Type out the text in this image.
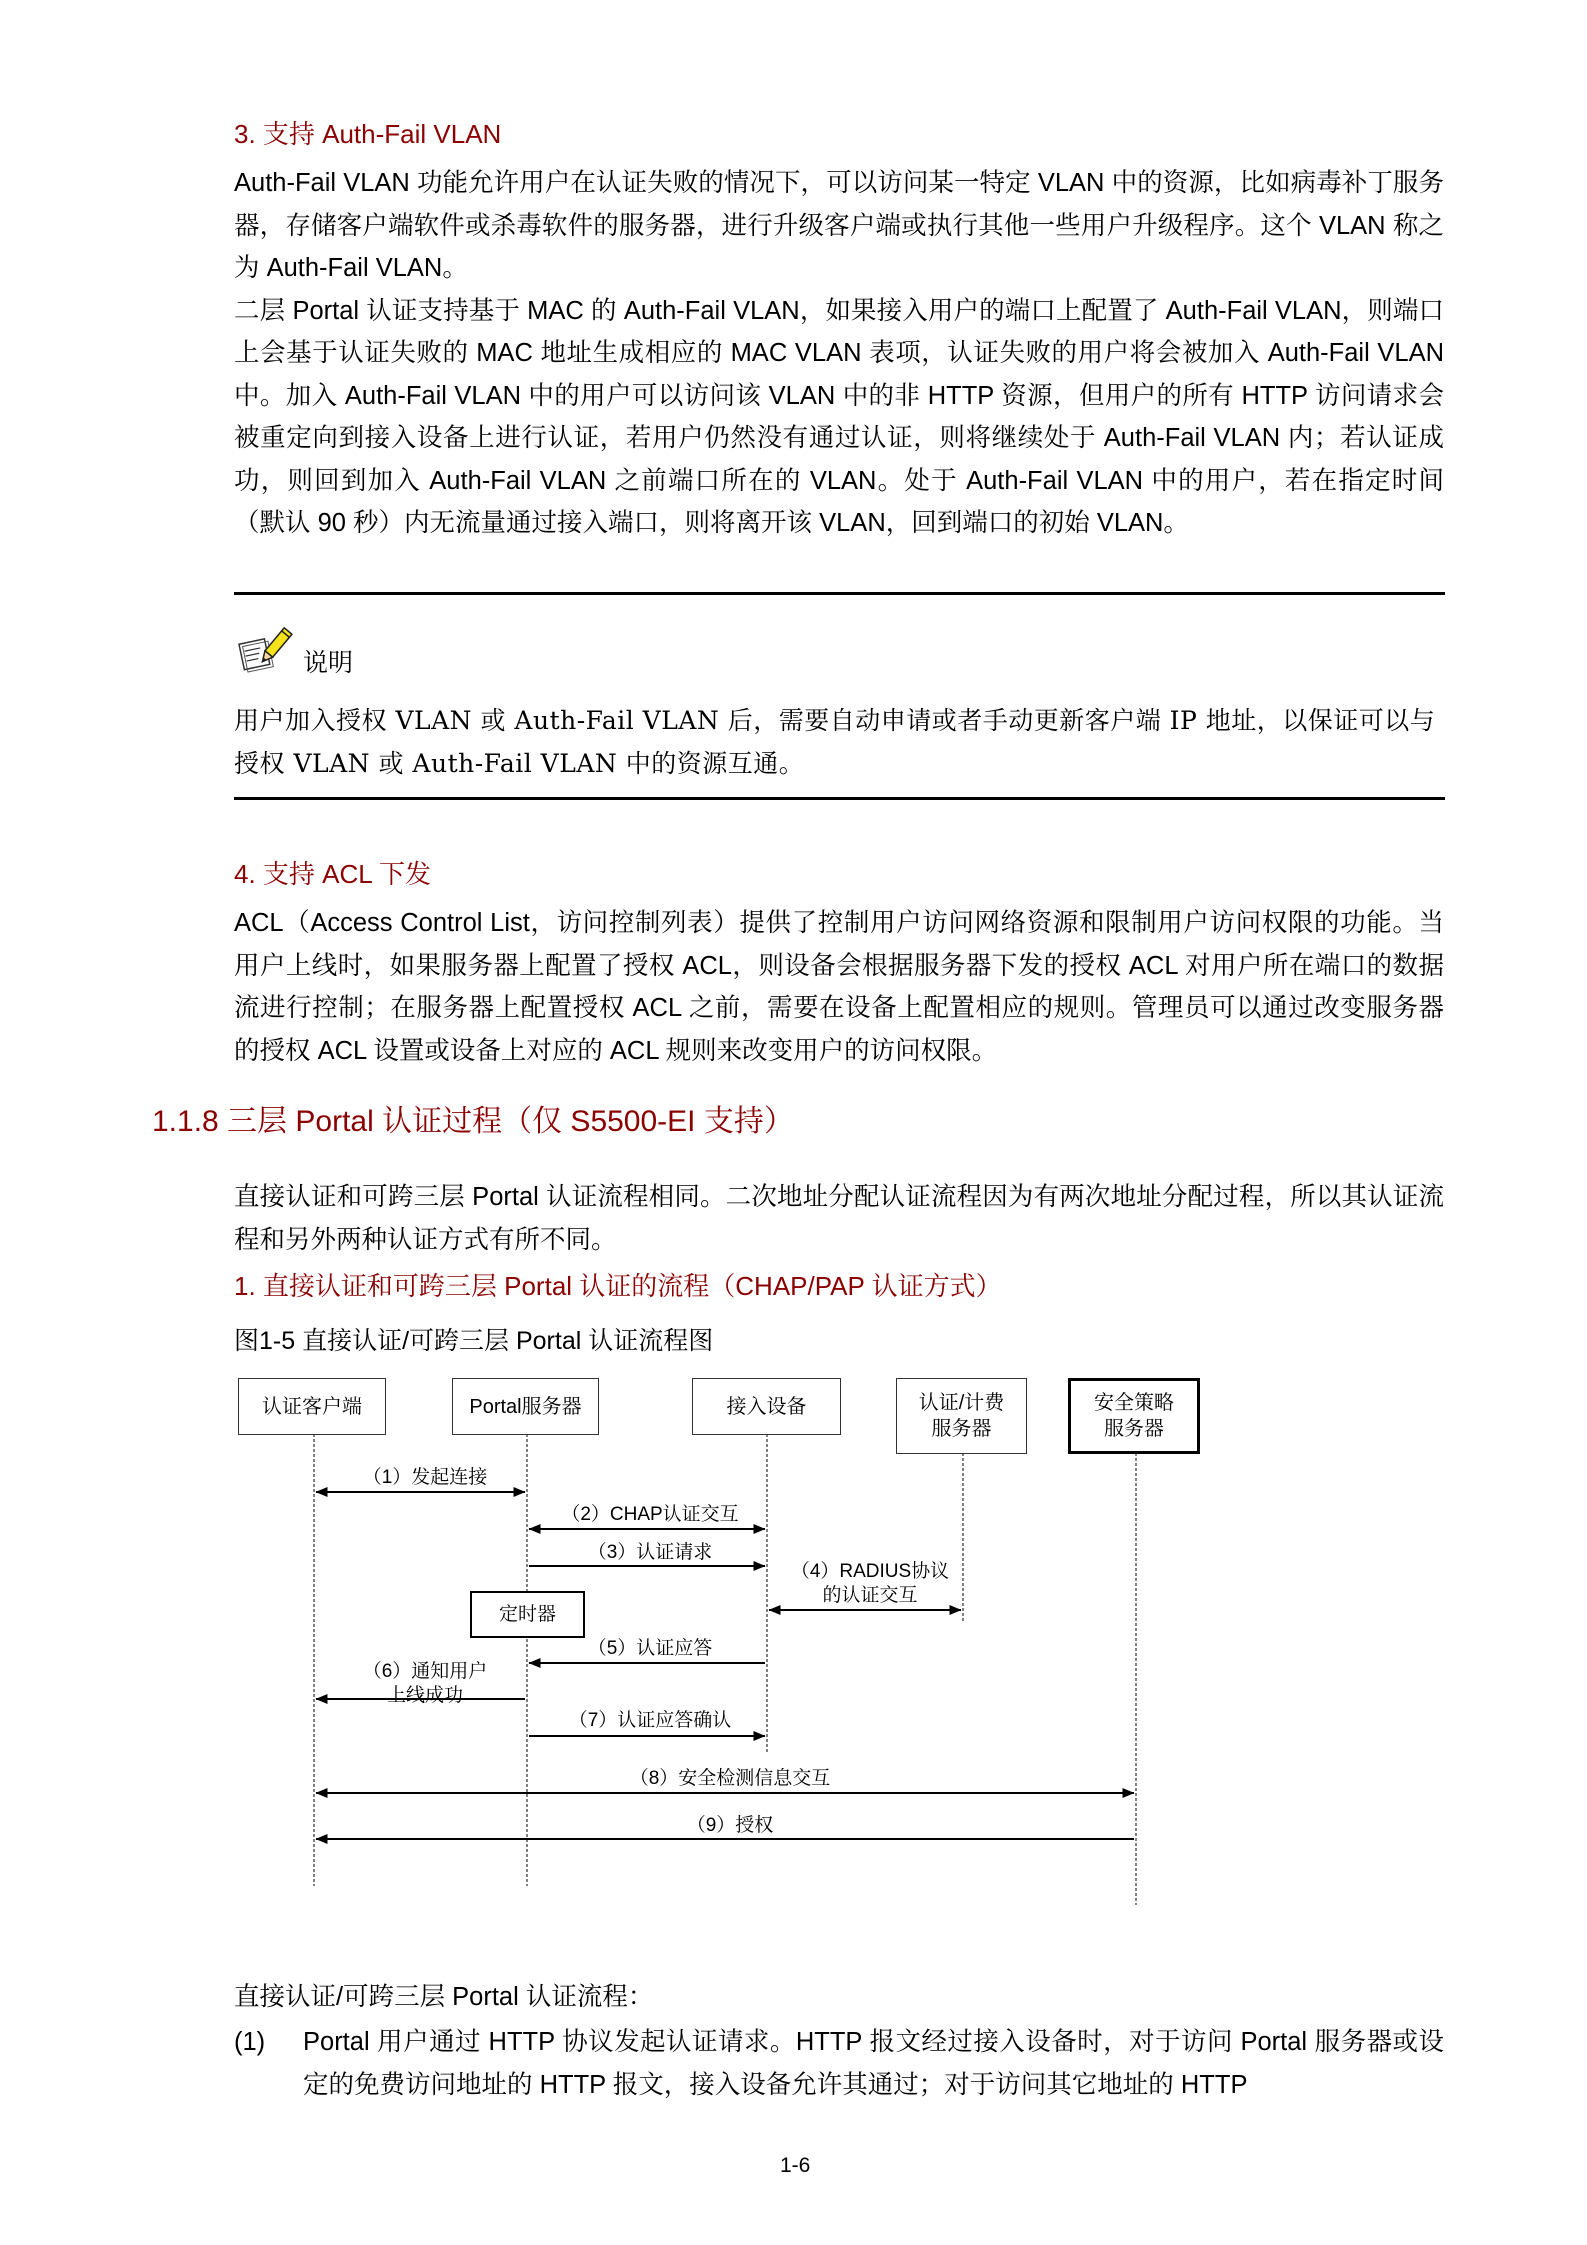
3. 支持 Auth-Fail VLAN

Auth-Fail VLAN 功能允许用户在认证失败的情况下，可以访问某一特定 VLAN 中的资源，比如病毒补丁服务器，存储客户端软件或杀毒软件的服务器，进行升级客户端或执行其他一些用户升级程序。这个 VLAN 称之为 Auth-Fail VLAN。

二层 Portal 认证支持基于 MAC 的 Auth-Fail VLAN，如果接入用户的端口上配置了 Auth-Fail VLAN，则端口上会基于认证失败的 MAC 地址生成相应的 MAC VLAN 表项，认证失败的用户将会被加入 Auth-Fail VLAN 中。加入 Auth-Fail VLAN 中的用户可以访问该 VLAN 中的非 HTTP 资源，但用户的所有 HTTP 访问请求会被重定向到接入设备上进行认证，若用户仍然没有通过认证，则将继续处于 Auth-Fail VLAN 内；若认证成功，则回到加入 Auth-Fail VLAN 之前端口所在的 VLAN。处于 Auth-Fail VLAN 中的用户，若在指定时间（默认 90 秒）内无流量通过接入端口，则将离开该 VLAN，回到端口的初始 VLAN。

说明
用户加入授权 VLAN 或 Auth-Fail VLAN 后，需要自动申请或者手动更新客户端 IP 地址，以保证可以与授权 VLAN 或 Auth-Fail VLAN 中的资源互通。
4. 支持 ACL 下发

ACL（Access Control List，访问控制列表）提供了控制用户访问网络资源和限制用户访问权限的功能。当用户上线时，如果服务器上配置了授权 ACL，则设备会根据服务器下发的授权 ACL 对用户所在端口的数据流进行控制；在服务器上配置授权 ACL 之前，需要在设备上配置相应的规则。管理员可以通过改变服务器的授权 ACL 设置或设备上对应的 ACL 规则来改变用户的访问权限。

1.1.8 三层 Portal 认证过程（仅 S5500-EI 支持）
直接认证和可跨三层 Portal 认证流程相同。二次地址分配认证流程因为有两次地址分配过程，所以其认证流程和另外两种认证方式有所不同。
1. 直接认证和可跨三层 Portal 认证的流程（CHAP/PAP 认证方式）
图1-5 直接认证/可跨三层 Portal 认证流程图
认证客户端	Portal服务器	接入设备	认证/计费
服务器
安全策略
服务器
定时器
（1）发起连接
（2）CHAP认证交互
（3）认证请求
（4）RADIUS协议
的认证交互
（5）认证应答
（6）通知用户
上线成功
（7）认证应答确认
（8）安全检测信息交互
（9）授权
直接认证/可跨三层 Portal 认证流程：
(1) Portal 用户通过 HTTP 协议发起认证请求。HTTP 报文经过接入设备时，对于访问 Portal 服务器或设定的免费访问地址的 HTTP 报文，接入设备允许其通过；对于访问其它地址的 HTTP
1-6
